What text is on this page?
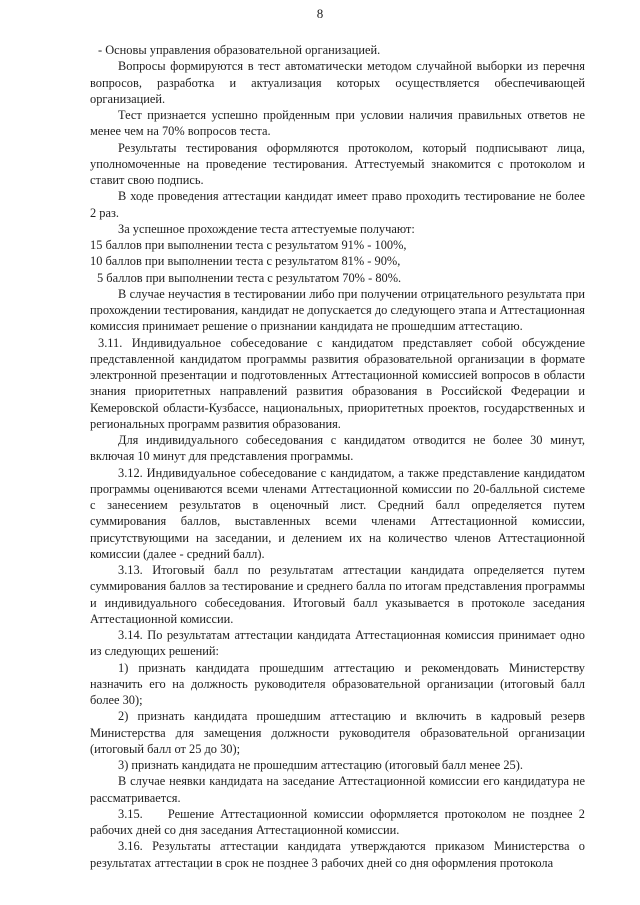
8

- Основы управления образовательной организацией.

Вопросы формируются в тест автоматически методом случайной выборки из перечня вопросов, разработка и актуализация которых осуществляется обеспечивающей организацией.

Тест признается успешно пройденным при условии наличия правильных ответов не менее чем на 70% вопросов теста.

Результаты тестирования оформляются протоколом, который подписывают лица, уполномоченные на проведение тестирования. Аттестуемый знакомится с протоколом и ставит свою подпись.

В ходе проведения аттестации кандидат имеет право проходить тестирование не более 2 раз.

За успешное прохождение теста аттестуемые получают:

15 баллов при выполнении теста с результатом 91% - 100%,

10 баллов при выполнении теста с результатом 81% - 90%,

5 баллов при выполнении теста с результатом 70% - 80%.

В случае неучастия в тестировании либо при получении отрицательного результата при прохождении тестирования, кандидат не допускается до следующего этапа и Аттестационная комиссия принимает решение о признании кандидата не прошедшим аттестацию.

3.11. Индивидуальное собеседование с кандидатом представляет собой обсуждение представленной кандидатом программы развития образовательной организации в формате электронной презентации и подготовленных Аттестационной комиссией вопросов в области знания приоритетных направлений развития образования в Российской Федерации и Кемеровской области-Кузбассе, национальных, приоритетных проектов, государственных и региональных программ развития образования.

Для индивидуального собеседования с кандидатом отводится не более 30 минут, включая 10 минут для представления программы.

3.12. Индивидуальное собеседование с кандидатом, а также представление кандидатом программы оцениваются всеми членами Аттестационной комиссии по 20-балльной системе с занесением результатов в оценочный лист. Средний балл определяется путем суммирования баллов, выставленных всеми членами Аттестационной комиссии, присутствующими на заседании, и делением их на количество членов Аттестационной комиссии (далее - средний балл).

3.13. Итоговый балл по результатам аттестации кандидата определяется путем суммирования баллов за тестирование и среднего балла по итогам представления программы и индивидуального собеседования. Итоговый балл указывается в протоколе заседания Аттестационной комиссии.

3.14. По результатам аттестации кандидата Аттестационная комиссия принимает одно из следующих решений:

1) признать кандидата прошедшим аттестацию и рекомендовать Министерству назначить его на должность руководителя образовательной организации (итоговый балл более 30);

2) признать кандидата прошедшим аттестацию и включить в кадровый резерв Министерства для замещения должности руководителя образовательной организации (итоговый балл от 25 до 30);

3) признать кандидата не прошедшим аттестацию (итоговый балл менее 25).

В случае неявки кандидата на заседание Аттестационной комиссии его кандидатура не рассматривается.

3.15.    Решение Аттестационной комиссии оформляется протоколом не позднее 2 рабочих дней со дня заседания Аттестационной комиссии.

3.16. Результаты аттестации кандидата утверждаются приказом Министерства о результатах аттестации в срок не позднее 3 рабочих дней со дня оформления протокола
